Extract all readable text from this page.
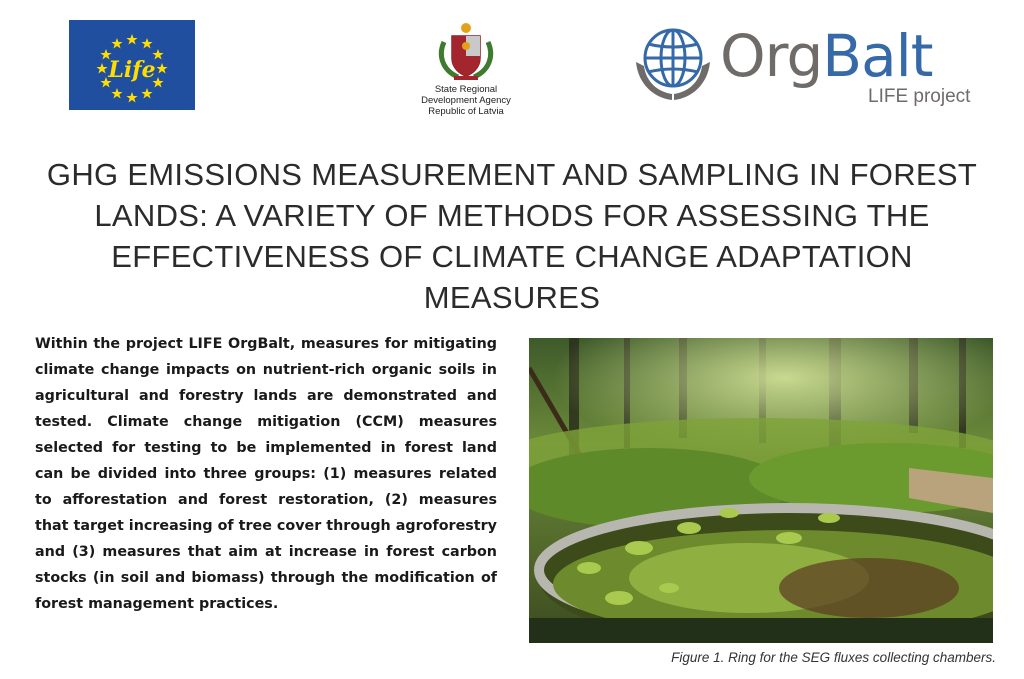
Life
State Regional
Development Agency
Republic of Latvia
OrgBalt
LIFE project
GHG EMISSIONS MEASUREMENT AND SAMPLING IN FOREST LANDS: A VARIETY OF METHODS FOR ASSESSING THE EFFECTIVENESS OF CLIMATE CHANGE ADAPTATION MEASURES

Within the project LIFE OrgBalt, measures for mitigating climate change impacts on nutrient-rich organic soils in agricultural and forestry lands are demonstrated and tested. Climate change mitigation (CCM) measures selected for testing to be implemented in forest land can be divided into three groups: (1) measures related to afforestation and forest restoration, (2) measures that target increasing of tree cover through agroforestry and (3) measures that aim at increase in forest carbon stocks (in soil and biomass) through the modification of forest management practices.

Figure 1. Ring for the SEG fluxes collecting chambers.
